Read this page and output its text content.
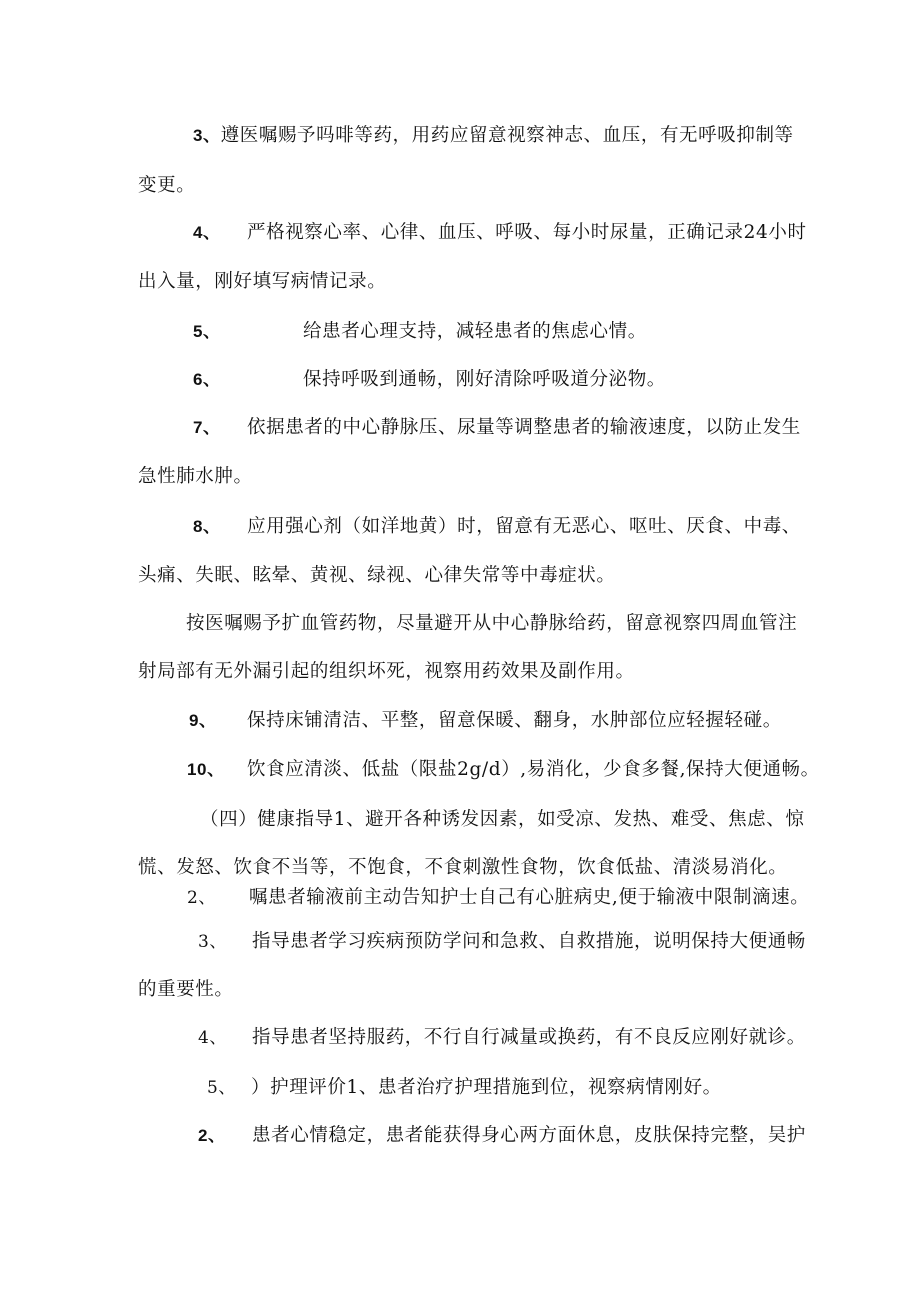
3、遵医嘱赐予吗啡等药，用药应留意视察神志、血压，有无呼吸抑制等
变更。
4、 严格视察心率、心律、血压、呼吸、每小时尿量，正确记录24小时
出入量，刚好填写病情记录。
5、	给患者心理支持，减轻患者的焦虑心情。
6、	保持呼吸到通畅，刚好清除呼吸道分泌物。
7、 依据患者的中心静脉压、尿量等调整患者的输液速度，以防止发生
急性肺水肿。
8、 应用强心剂（如洋地黄）时，留意有无恶心、呕吐、厌食、中毒、
头痛、失眠、眩晕、黄视、绿视、心律失常等中毒症状。
按医嘱赐予扩血管药物，尽量避开从中心静脉给药，留意视察四周血管注
射局部有无外漏引起的组织坏死，视察用药效果及副作用。
9、 保持床铺清洁、平整，留意保暖、翻身，水肿部位应轻握轻碰。
10、 饮食应清淡、低盐（限盐2g/d）,易消化，少食多餐,保持大便通畅。
（四）健康指导1、避开各种诱发因素，如受凉、发热、难受、焦虑、惊
慌、发怒、饮食不当等，不饱食，不食刺激性食物，饮食低盐、清淡易消化。
2、 嘱患者输液前主动告知护士自己有心脏病史,便于输液中限制滴速。
3、 指导患者学习疾病预防学问和急救、自救措施，说明保持大便通畅
的重要性。
4、 指导患者坚持服药，不行自行减量或换药，有不良反应刚好就诊。
5、 ）护理评价1、患者治疗护理措施到位，视察病情刚好。
2、 患者心情稳定，患者能获得身心两方面休息，皮肤保持完整，吴护
